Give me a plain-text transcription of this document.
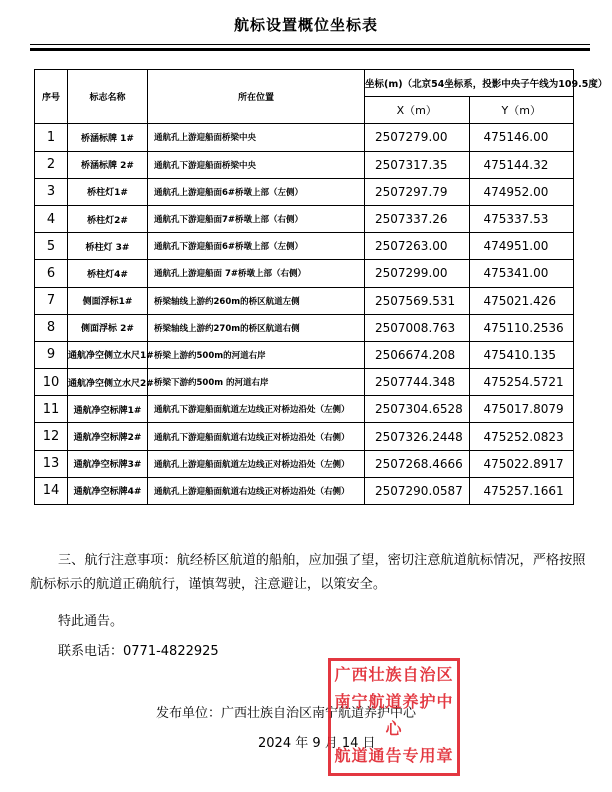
航标设置概位坐标表
序号	标志名称	所在位置	坐标(m)（北京54坐标系，投影中央子午线为109.5度）	
			X（m）	Y（m）
1	桥涵标牌 1#	通航孔上游迎船面桥梁中央	2507279.00	475146.00
2	桥涵标牌 2#	通航孔下游迎船面桥梁中央	2507317.35	475144.32
3	桥柱灯1#	通航孔上游迎船面6#桥墩上部（左侧）	2507297.79	474952.00
4	桥柱灯2#	通航孔下游迎船面7#桥墩上部（右侧）	2507337.26	475337.53
5	桥柱灯 3#	通航孔下游迎船面6#桥墩上部（左侧）	2507263.00	474951.00
6	桥柱灯4#	通航孔上游迎船面 7#桥墩上部（右侧）	2507299.00	475341.00
7	侧面浮标1#	桥梁轴线上游约260m的桥区航道左侧	2507569.531	475021.426
8	侧面浮标 2#	桥梁轴线上游约270m的桥区航道右侧	2507008.763	475110.2536
9	通航净空侧立水尺1#	桥梁上游约500m的河道右岸	2506674.208	475410.135
10	通航净空侧立水尺2#	桥梁下游约500m 的河道右岸	2507744.348	475254.5721
11	通航净空标牌1#	通航孔下游迎船面航道左边线正对桥边沿处（左侧）	2507304.6528	475017.8079
12	通航净空标牌2#	通航孔下游迎船面航道右边线正对桥边沿处（右侧）	2507326.2448	475252.0823
13	通航净空标牌3#	通航孔上游迎船面航道左边线正对桥边沿处（左侧）	2507268.4666	475022.8917
14	通航净空标牌4#	通航孔上游迎船面航道右边线正对桥边沿处（右侧）	2507290.0587	475257.1661
三、航行注意事项：航经桥区航道的船舶，应加强了望，密切注意航道航标情况，严格按照航标标示的航道正确航行，谨慎驾驶，注意避让，以策安全。
特此通告。
联系电话：0771-4822925
发布单位：广西壮族自治区南宁航道养护中心
2024 年 9 月 14 日
广西壮族自治区
南宁航道养护中心
航道通告专用章
